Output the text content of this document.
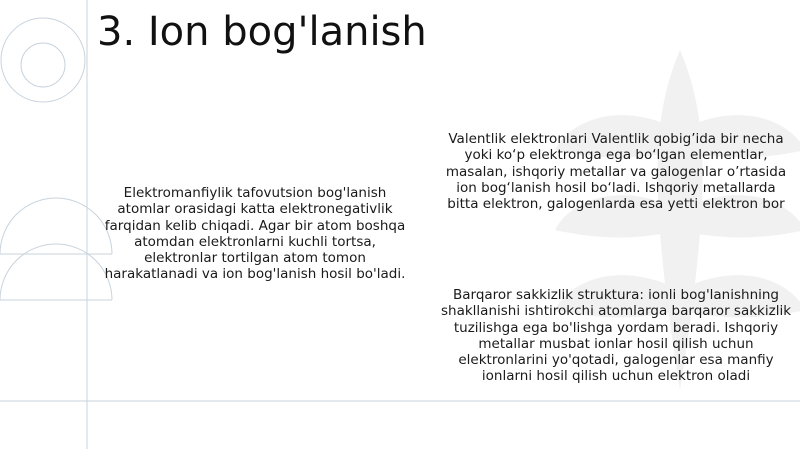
3. Ion bog'lanish

Elektromanfiylik tafovutsion bog'lanish atomlar orasidagi katta elektronegativlik farqidan kelib chiqadi. Agar bir atom boshqa atomdan elektronlarni kuchli tortsa, elektronlar tortilgan atom tomon harakatlanadi va ion bog'lanish hosil bo'ladi.

Valentlik elektronlari Valentlik qobig’ida bir necha yoki ko‘p elektronga ega bo‘lgan elementlar, masalan, ishqoriy metallar va galogenlar o’rtasida ion bog‘lanish hosil bo‘ladi. Ishqoriy metallarda bitta elektron, galogenlarda esa yetti elektron bor

Barqaror sakkizlik struktura: ionli bog'lanishning shakllanishi ishtirokchi atomlarga barqaror sakkizlik tuzilishga ega bo'lishga yordam beradi. Ishqoriy metallar musbat ionlar hosil qilish uchun elektronlarini yo'qotadi, galogenlar esa manfiy ionlarni hosil qilish uchun elektron oladi
